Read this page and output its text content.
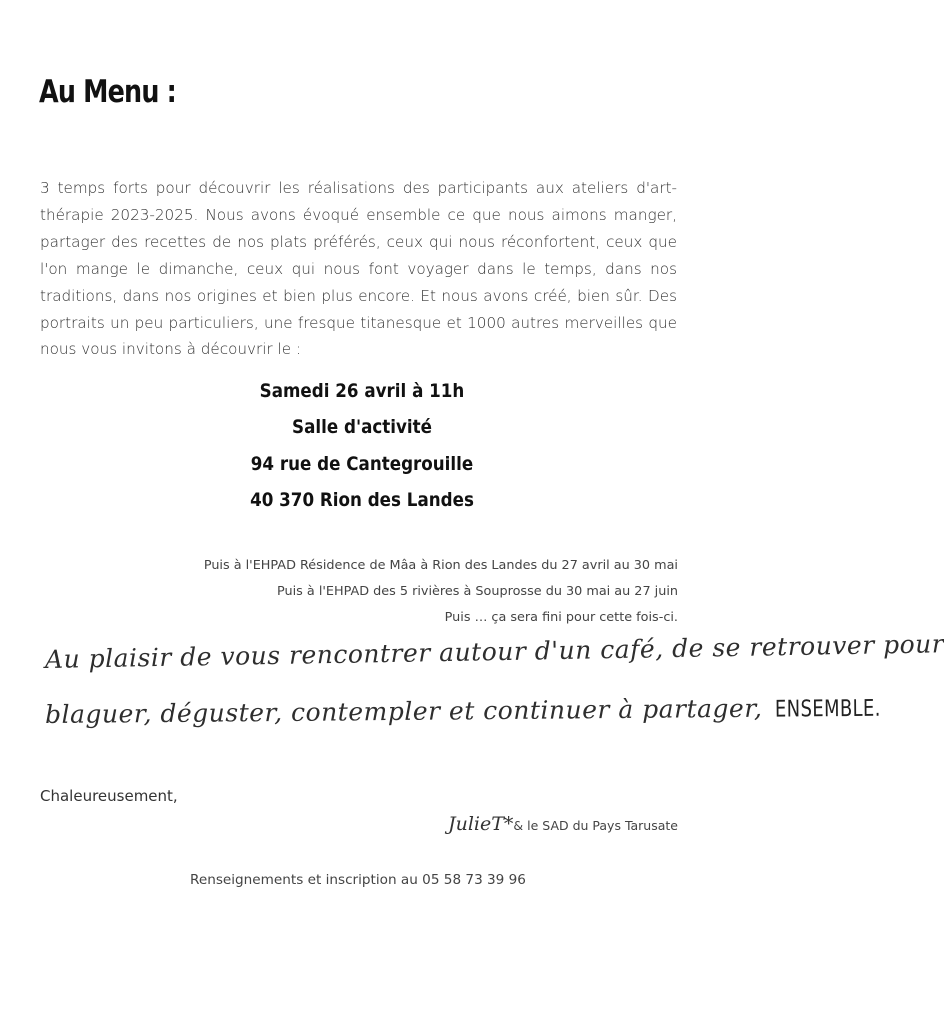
Au Menu :

3 temps forts pour découvrir les réalisations des participants aux ateliers d'art-thérapie 2023-2025. Nous avons évoqué ensemble ce que nous aimons manger, partager des recettes de nos plats préférés, ceux qui nous réconfortent, ceux que l'on mange le dimanche, ceux qui nous font voyager dans le temps, dans nos traditions, dans nos origines et bien plus encore. Et nous avons créé, bien sûr. Des portraits un peu particuliers, une fresque titanesque et 1000 autres merveilles que nous vous invitons à découvrir le :

Samedi 26 avril à 11h
Salle d'activité
94 rue de Cantegrouille
40 370 Rion des Landes
Puis à l'EHPAD Résidence de Mâa à Rion des Landes du 27 avril au 30 mai
Puis à l'EHPAD des 5 rivières à Souprosse du 30 mai au 27 juin
Puis … ça sera fini pour cette fois-ci.
Au plaisir de vous rencontrer autour d'un café, de se retrouver pour
blaguer, déguster, contempler et continuer à partager, ENSEMBLE.
Chaleureusement,
JulieT*& le SAD du Pays Tarusate
Renseignements et inscription au 05 58 73 39 96
